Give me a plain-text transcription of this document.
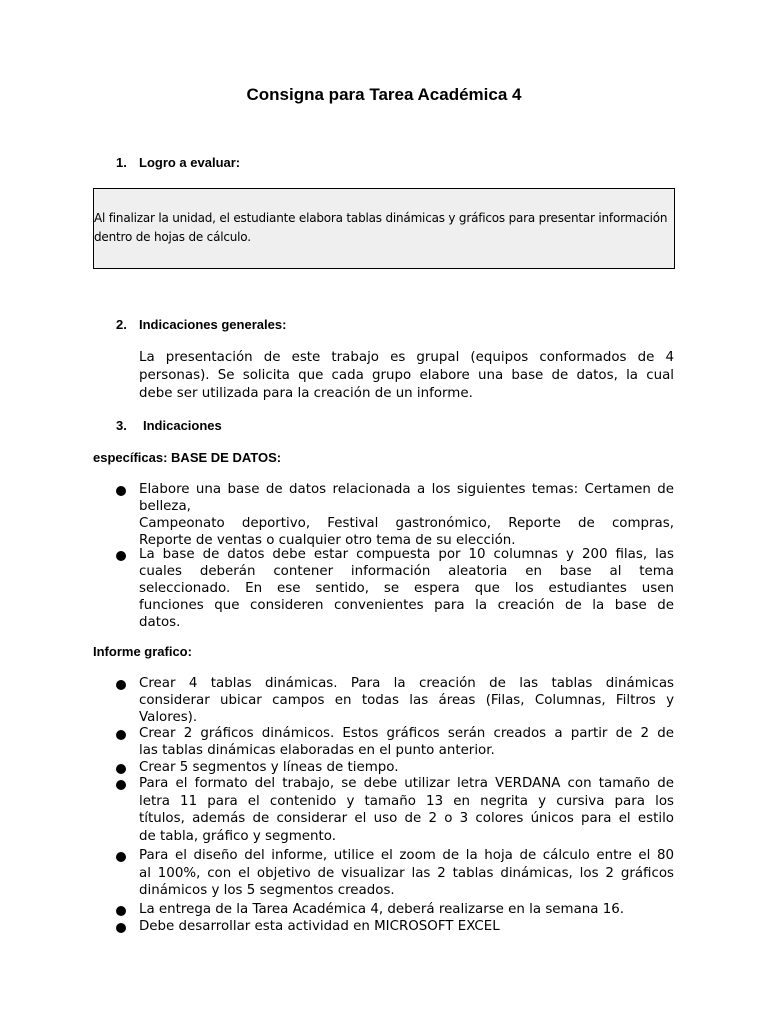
Consigna para Tarea Académica 4
1. Logro a evaluar:

Al finalizar la unidad, el estudiante elabora tablas dinámicas y gráficos para presentar información dentro de hojas de cálculo.

2. Indicaciones generales:
La presentación de este trabajo es grupal (equipos conformados de 4
personas). Se solicita que cada grupo elabore una base de datos, la cual
debe ser utilizada para la creación de un informe.
3. Indicaciones
específicas: BASE DE DATOS:
Elabore una base de datos relacionada a los siguientes temas: Certamen de
belleza,
Campeonato deportivo, Festival gastronómico, Reporte de compras,
Reporte de ventas o cualquier otro tema de su elección.
La base de datos debe estar compuesta por 10 columnas y 200 filas, las
cuales deberán contener información aleatoria en base al tema
seleccionado. En ese sentido, se espera que los estudiantes usen
funciones que consideren convenientes para la creación de la base de
datos.
Informe grafico:
Crear 4 tablas dinámicas. Para la creación de las tablas dinámicas
considerar ubicar campos en todas las áreas (Filas, Columnas, Filtros y
Valores).
Crear 2 gráficos dinámicos. Estos gráficos serán creados a partir de 2 de
las tablas dinámicas elaboradas en el punto anterior.
Crear 5 segmentos y líneas de tiempo.
Para el formato del trabajo, se debe utilizar letra VERDANA con tamaño de
letra 11 para el contenido y tamaño 13 en negrita y cursiva para los
títulos, además de considerar el uso de 2 o 3 colores únicos para el estilo
de tabla, gráfico y segmento.
Para el diseño del informe, utilice el zoom de la hoja de cálculo entre el 80
al 100%, con el objetivo de visualizar las 2 tablas dinámicas, los 2 gráficos
dinámicos y los 5 segmentos creados.
La entrega de la Tarea Académica 4, deberá realizarse en la semana 16.
Debe desarrollar esta actividad en MICROSOFT EXCEL
